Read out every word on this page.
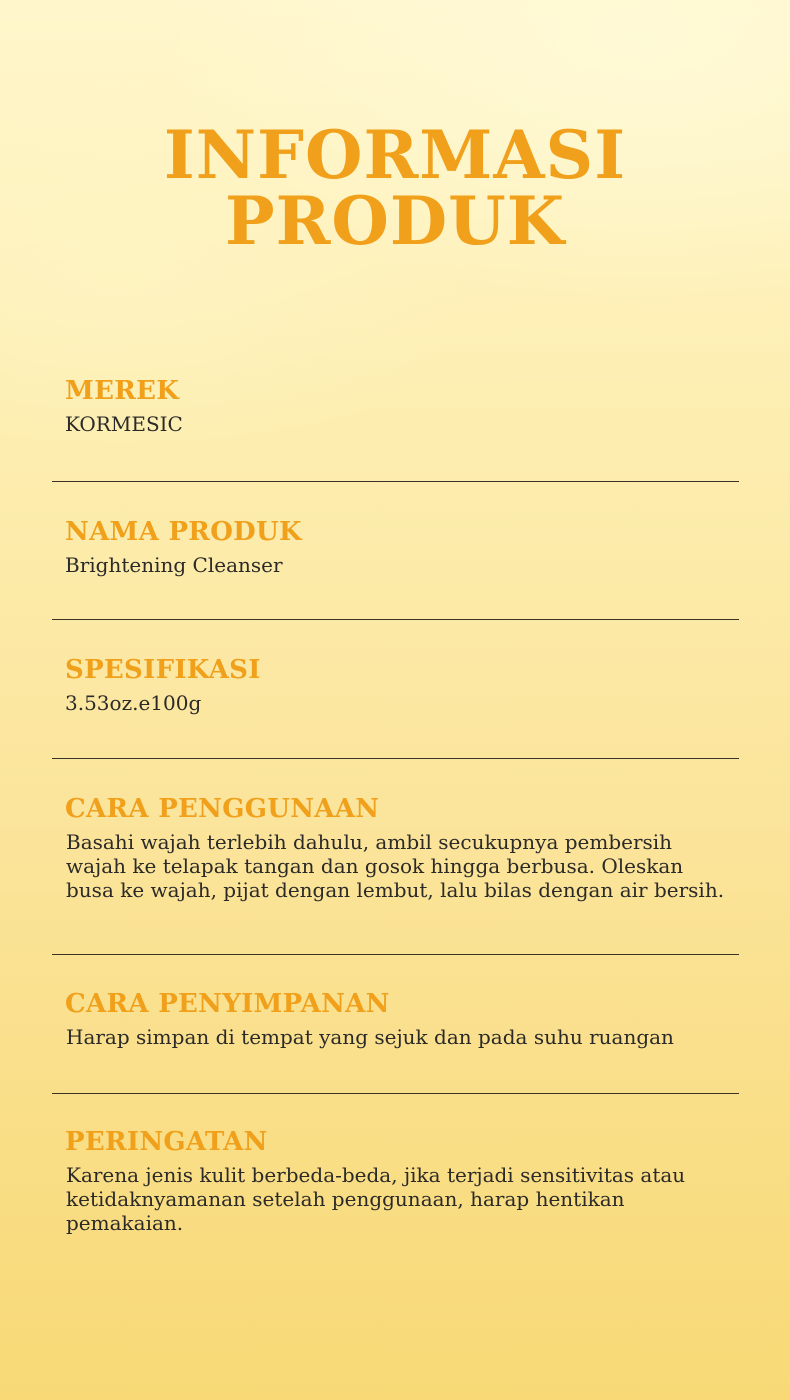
INFORMASI
PRODUK
MEREK
KORMESIC
NAMA PRODUK
Brightening Cleanser
SPESIFIKASI
3.53oz.e100g
CARA PENGGUNAAN
Basahi wajah terlebih dahulu, ambil secukupnya pembersih wajah ke telapak tangan dan gosok hingga berbusa. Oleskan busa ke wajah, pijat dengan lembut, lalu bilas dengan air bersih.
CARA PENYIMPANAN
Harap simpan di tempat yang sejuk dan pada suhu ruangan
PERINGATAN
Karena jenis kulit berbeda-beda, jika terjadi sensitivitas atau ketidaknyamanan setelah penggunaan, harap hentikan pemakaian.
